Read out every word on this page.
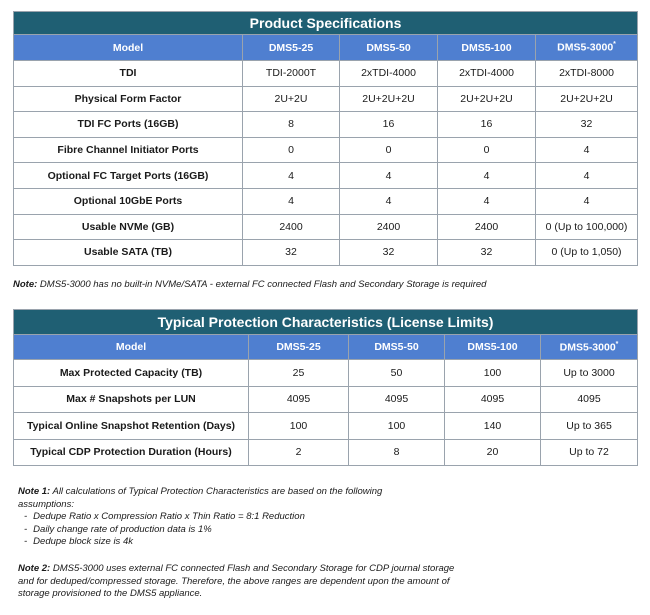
Product Specifications				
Model	DMS5-25	DMS5-50	DMS5-100	DMS5-3000*
TDI	TDI-2000T	2xTDI-4000	2xTDI-4000	2xTDI-8000
Physical Form Factor	2U+2U	2U+2U+2U	2U+2U+2U	2U+2U+2U
TDI FC Ports (16GB)	8	16	16	32
Fibre Channel Initiator Ports	0	0	0	4
Optional FC Target Ports (16GB)	4	4	4	4
Optional 10GbE Ports	4	4	4	4
Usable NVMe (GB)	2400	2400	2400	0 (Up to 100,000)
Usable SATA (TB)	32	32	32	0 (Up to 1,050)
Note: DMS5-3000 has no built-in NVMe/SATA - external FC connected Flash and Secondary Storage is required
Typical Protection Characteristics (License Limits)				
Model	DMS5-25	DMS5-50	DMS5-100	DMS5-3000*
Max Protected Capacity (TB)	25	50	100	Up to 3000
Max # Snapshots per LUN	4095	4095	4095	4095
Typical Online Snapshot Retention (Days)	100	100	140	Up to 365
Typical CDP Protection Duration (Hours)	2	8	20	Up to 72
Note 1: All calculations of Typical Protection Characteristics are based on the following assumptions:
- Dedupe Ratio x Compression Ratio x Thin Ratio = 8:1 Reduction
- Daily change rate of production data is 1%
- Dedupe block size is 4k
Note 2: DMS5-3000 uses external FC connected Flash and Secondary Storage for CDP journal storage and for deduped/compressed storage. Therefore, the above ranges are dependent upon the amount of storage provisioned to the DMS5 appliance.
